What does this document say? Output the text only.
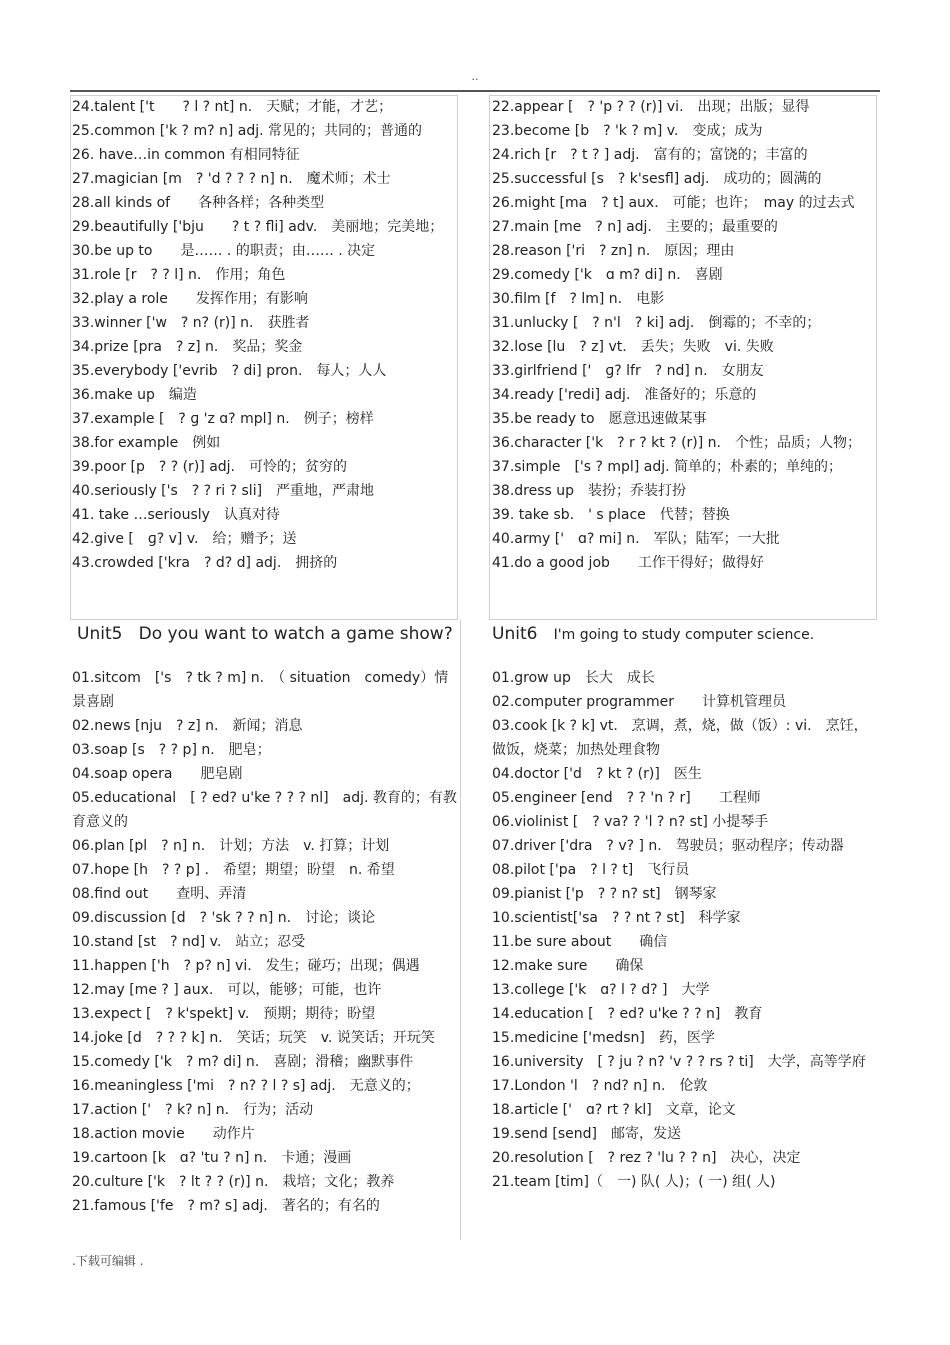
..
24.talent ['t　　? l ? nt] n.　天赋；才能，才艺；
25.common ['k ? m? n] adj. 常见的；共同的；普通的
26. have…in common 有相同特征
27.magician [m　? 'd ? ? ? n] n.　魔术师；术士
28.all kinds of　　各种各样；各种类型
29.beautifully ['bju　　? t ? fli] adv.　美丽地；完美地；
30.be up to　　是…… . 的职责；由…… . 决定
31.role [r　? ? l] n.　作用；角色
32.play a role　　发挥作用；有影响
33.winner ['w　? n? (r)] n.　获胜者
34.prize [pra　? z] n.　奖品；奖金
35.everybody ['evrib　? di] pron.　每人；人人
36.make up　编造
37.example [　? ɡ 'z ɑ? mpl] n.　例子；榜样
38.for example　例如
39.poor [p　? ? (r)] adj.　可怜的；贫穷的
40.seriously ['s　? ? ri ? sli]　严重地，严肃地
41. take …seriously　认真对待
42.give [　ɡ? v] v.　给；赠予；送
43.crowded ['kra　? d? d] adj.　拥挤的
22.appear [　? 'p ? ? (r)] vi.　出现；出版；显得
23.become [b　? 'k ? m] v.　变成；成为
24.rich [r　? t ? ] adj.　富有的；富饶的；丰富的
25.successful [s　? k'sesfl] adj.　成功的；圆满的
26.might [ma　? t] aux.　可能；也许；　may 的过去式
27.main [me　? n] adj.　主要的；最重要的
28.reason ['ri　? zn] n.　原因；理由
29.comedy ['k　ɑ m? di] n.　喜剧
30.film [f　? lm] n.　电影
31.unlucky [　? n'l　? ki] adj.　倒霉的；不幸的；
32.lose [lu　? z] vt.　丢失；失败　vi. 失败
33.girlfriend ['　ɡ? lfr　? nd] n.　女朋友
34.ready ['redi] adj.　准备好的；乐意的
35.be ready to　愿意迅速做某事
36.character ['k　? r ? kt ? (r)] n.　个性；品质；人物；
37.simple　['s ? mpl] adj. 简单的；朴素的；单纯的；
38.dress up　装扮；乔装打扮
39. take sb.　' s place　代替；替换
40.army ['　ɑ? mi] n.　军队；陆军；一大批
41.do a good job　　工作干得好；做得好
Unit5 Do you want to watch a game show? Unit6 I'm going to study computer science.
01.sitcom　['s　? tk ? m] n.　（ situation　comedy）情景喜剧
02.news [nju　? z] n.　新闻；消息
03.soap [s　? ? p] n.　肥皂；
04.soap opera　　肥皂剧
05.educational　[ ? ed? u'ke ? ? ? nl]　adj. 教育的；有教育意义的
06.plan [pl　? n] n.　计划；方法　v. 打算；计划
07.hope [h　? ? p] .　希望；期望；盼望　n. 希望
08.find out　　查明、弄清
09.discussion [d　? 'sk ? ? n] n.　讨论；谈论
10.stand [st　? nd] v.　站立；忍受
11.happen ['h　? p? n] vi.　发生；碰巧；出现；偶遇
12.may [me ? ] aux.　可以，能够；可能，也许
13.expect [　? k'spekt] v.　预期；期待；盼望
14.joke [d　? ? ? k] n.　笑话；玩笑　v. 说笑话；开玩笑
15.comedy ['k　? m? di] n.　喜剧；滑稽；幽默事件
16.meaningless ['mi　? n? ? l ? s] adj.　无意义的；
17.action ['　? k? n] n.　行为；活动
18.action movie　　动作片
19.cartoon [k　ɑ? 'tu ? n] n.　卡通；漫画
20.culture ['k　? lt ? ? (r)] n.　栽培；文化；教养
21.famous ['fe　? m? s] adj.　著名的；有名的
01.grow up　长大　成长
02.computer programmer　　计算机管理员
03.cook [k ? k] vt.　烹调，煮，烧，做（饭）: vi.　烹饪，做饭，烧菜；加热处理食物
04.doctor ['d　? kt ? (r)]　医生
05.engineer [end　? ? 'n ? r]　　工程师
06.violinist [　? va? ? 'l ? n? st] 小提琴手
07.driver ['dra　? v? ] n.　驾驶员；驱动程序；传动器
08.pilot ['pa　? l ? t]　飞行员
09.pianist ['p　? ? n? st]　钢琴家
10.scientist['sa　? ? nt ? st]　科学家
11.be sure about　　确信
12.make sure　　确保
13.college ['k　ɑ? l ? d? ]　大学
14.education [　? ed? u'ke ? ? n]　教育
15.medicine ['medsn]　药，医学
16.university　[ ? ju ? n? 'v ? ? rs ? ti]　大学，高等学府
17.London 'l　? nd? n] n.　伦敦
18.article ['　ɑ? rt ? kl]　文章，论文
19.send [send]　邮寄，发送
20.resolution [　? rez ? 'lu ? ? n]　决心，决定
21.team [tim]（　一) 队( 人)；( 一) 组( 人)
.下载可编辑 .
